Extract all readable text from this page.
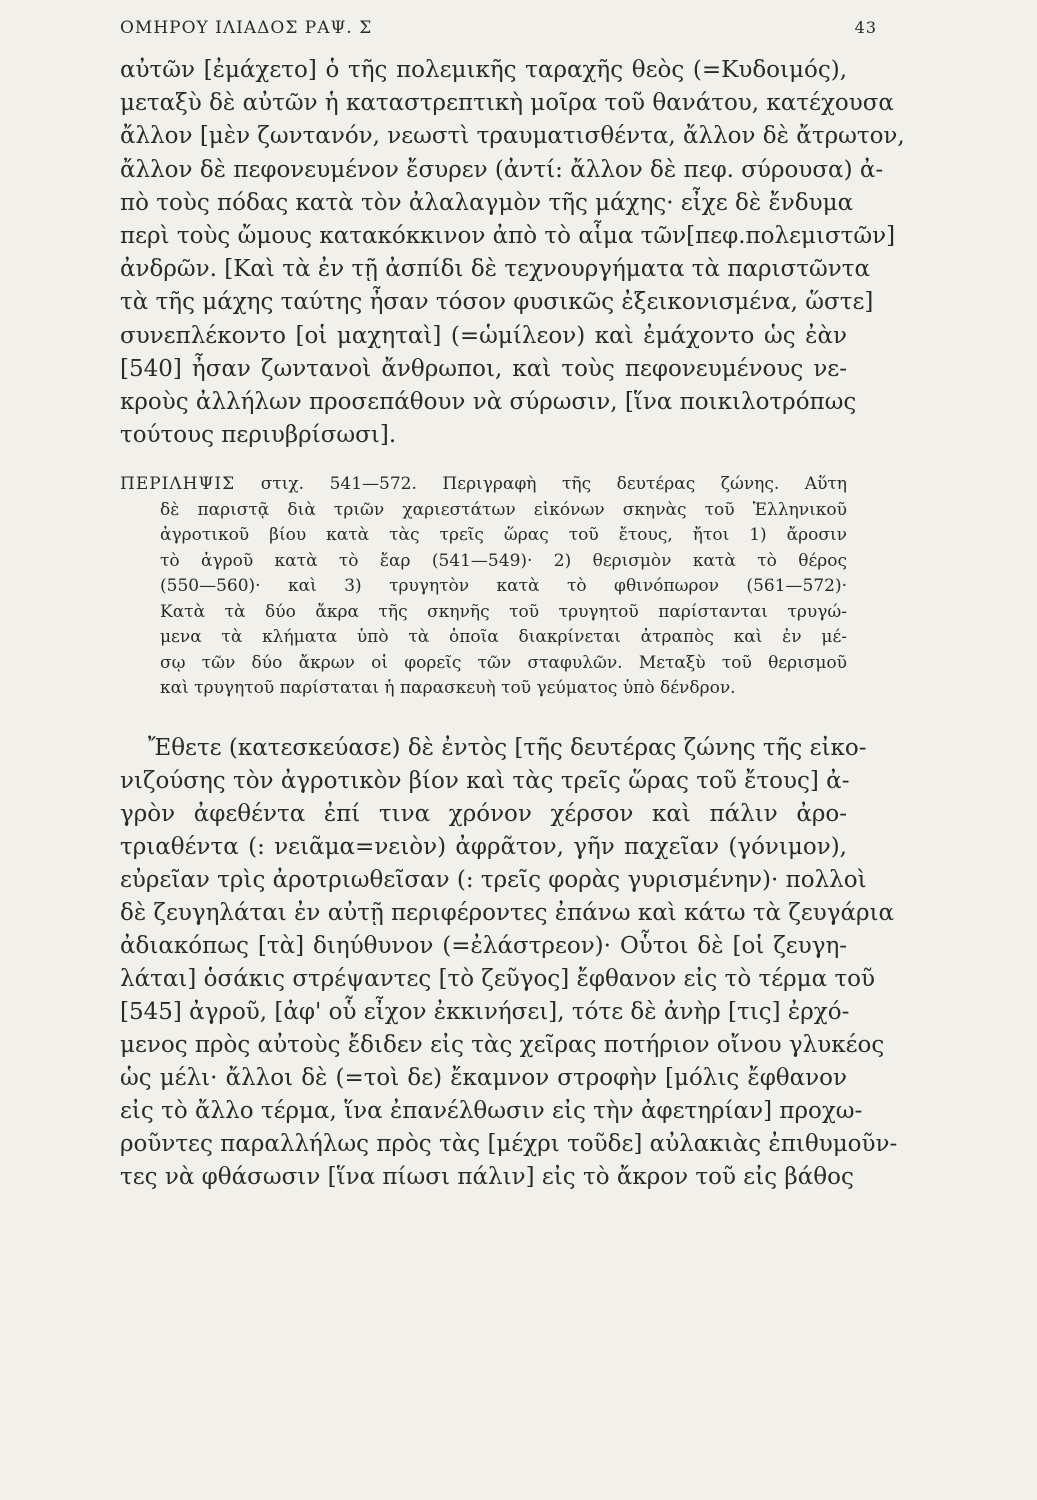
ΟΜΗΡΟΥ ΙΛΙΑΔΟΣ ΡΑΨ. Σ	43
αὐτῶν [ἐμάχετο] ὁ τῆς πολεμικῆς ταραχῆς θεὸς (=Κυδοιμός),
μεταξὺ δὲ αὐτῶν ἡ καταστρεπτικὴ μοῖρα τοῦ θανάτου, κατέχουσα
ἄλλον [μὲν ζωντανόν, νεωστὶ τραυματισθέντα, ἄλλον δὲ ἄτρωτον,
ἄλλον δὲ πεφονευμένον ἔσυρεν (ἀντί: ἄλλον δὲ πεφ. σύρουσα) ἀ-
πὸ τοὺς πόδας κατὰ τὸν ἀλαλαγμὸν τῆς μάχης· εἶχε δὲ ἔνδυμα
περὶ τοὺς ὤμους κατακόκκινον ἀπὸ τὸ αἷμα τῶν[πεφ.πολεμιστῶν]
ἀνδρῶν. [Καὶ τὰ ἐν τῇ ἀσπίδι δὲ τεχνουργήματα τὰ παριστῶντα
τὰ τῆς μάχης ταύτης ἦσαν τόσον φυσικῶς ἐξεικονισμένα, ὥστε]
συνεπλέκοντο [οἱ μαχηταὶ] (=ὡμίλεον) καὶ ἐμάχοντο ὡς ἐὰν
[540] ἦσαν ζωντανοὶ ἄνθρωποι, καὶ τοὺς πεφονευμένους νε-
κροὺς ἀλλήλων προσεπάθουν νὰ σύρωσιν, [ἵνα ποικιλοτρόπως
τούτους περιυβρίσωσι].
ΠΕΡΙΛΗΨΙΣ στιχ. 541—572. Περιγραφὴ τῆς δευτέρας ζώνης. Αὕτη
δὲ παριστᾷ διὰ τριῶν χαριεστάτων εἰκόνων σκηνὰς τοῦ Ἑλληνικοῦ
ἀγροτικοῦ βίου κατὰ τὰς τρεῖς ὥρας τοῦ ἔτους, ἤτοι 1) ἄροσιν
τὸ ἀγροῦ κατὰ τὸ ἔαρ (541—549)· 2) θερισμὸν κατὰ τὸ θέρος
(550—560)· καὶ 3) τρυγητὸν κατὰ τὸ φθινόπωρον (561—572)·
Κατὰ τὰ δύο ἄκρα τῆς σκηνῆς τοῦ τρυγητοῦ παρίστανται τρυγώ-
μενα τὰ κλήματα ὑπὸ τὰ ὁποῖα διακρίνεται ἀτραπὸς καὶ ἐν μέ-
σῳ τῶν δύο ἄκρων οἱ φορεῖς τῶν σταφυλῶν. Μεταξὺ τοῦ θερισμοῦ
καὶ τρυγητοῦ παρίσταται ἡ παρασκευὴ τοῦ γεύματος ὑπὸ δένδρον.
Ἔθετε (κατεσκεύασε) δὲ ἐντὸς [τῆς δευτέρας ζώνης τῆς εἰκο-
νιζούσης τὸν ἀγροτικὸν βίον καὶ τὰς τρεῖς ὥρας τοῦ ἔτους] ἀ-
γρὸν ἀφεθέντα ἐπί τινα χρόνον χέρσον καὶ πάλιν ἀρο-
τριαθέντα (: νειᾶμα=νειὸν) ἀφρᾶτον, γῆν παχεῖαν (γόνιμον),
εὐρεῖαν τρὶς ἀροτριωθεῖσαν (: τρεῖς φορὰς γυρισμένην)· πολλοὶ
δὲ ζευγηλάται ἐν αὐτῇ περιφέροντες ἐπάνω καὶ κάτω τὰ ζευγάρια
ἀδιακόπως [τὰ] διηύθυνον (=ἐλάστρεον)· Οὗτοι δὲ [οἱ ζευγη-
λάται] ὁσάκις στρέψαντες [τὸ ζεῦγος] ἔφθανον εἰς τὸ τέρμα τοῦ
[545] ἀγροῦ, [ἀφ' οὗ εἶχον ἐκκινήσει], τότε δὲ ἀνὴρ [τις] ἐρχό-
μενος πρὸς αὐτοὺς ἔδιδεν εἰς τὰς χεῖρας ποτήριον οἴνου γλυκέος
ὡς μέλι· ἄλλοι δὲ (=τοὶ δε) ἔκαμνον στροφὴν [μόλις ἔφθανον
εἰς τὸ ἄλλο τέρμα, ἵνα ἐπανέλθωσιν εἰς τὴν ἀφετηρίαν] προχω-
ροῦντες παραλλήλως πρὸς τὰς [μέχρι τοῦδε] αὐλακιὰς ἐπιθυμοῦν-
τες νὰ φθάσωσιν [ἵνα πίωσι πάλιν] εἰς τὸ ἄκρον τοῦ εἰς βάθος
